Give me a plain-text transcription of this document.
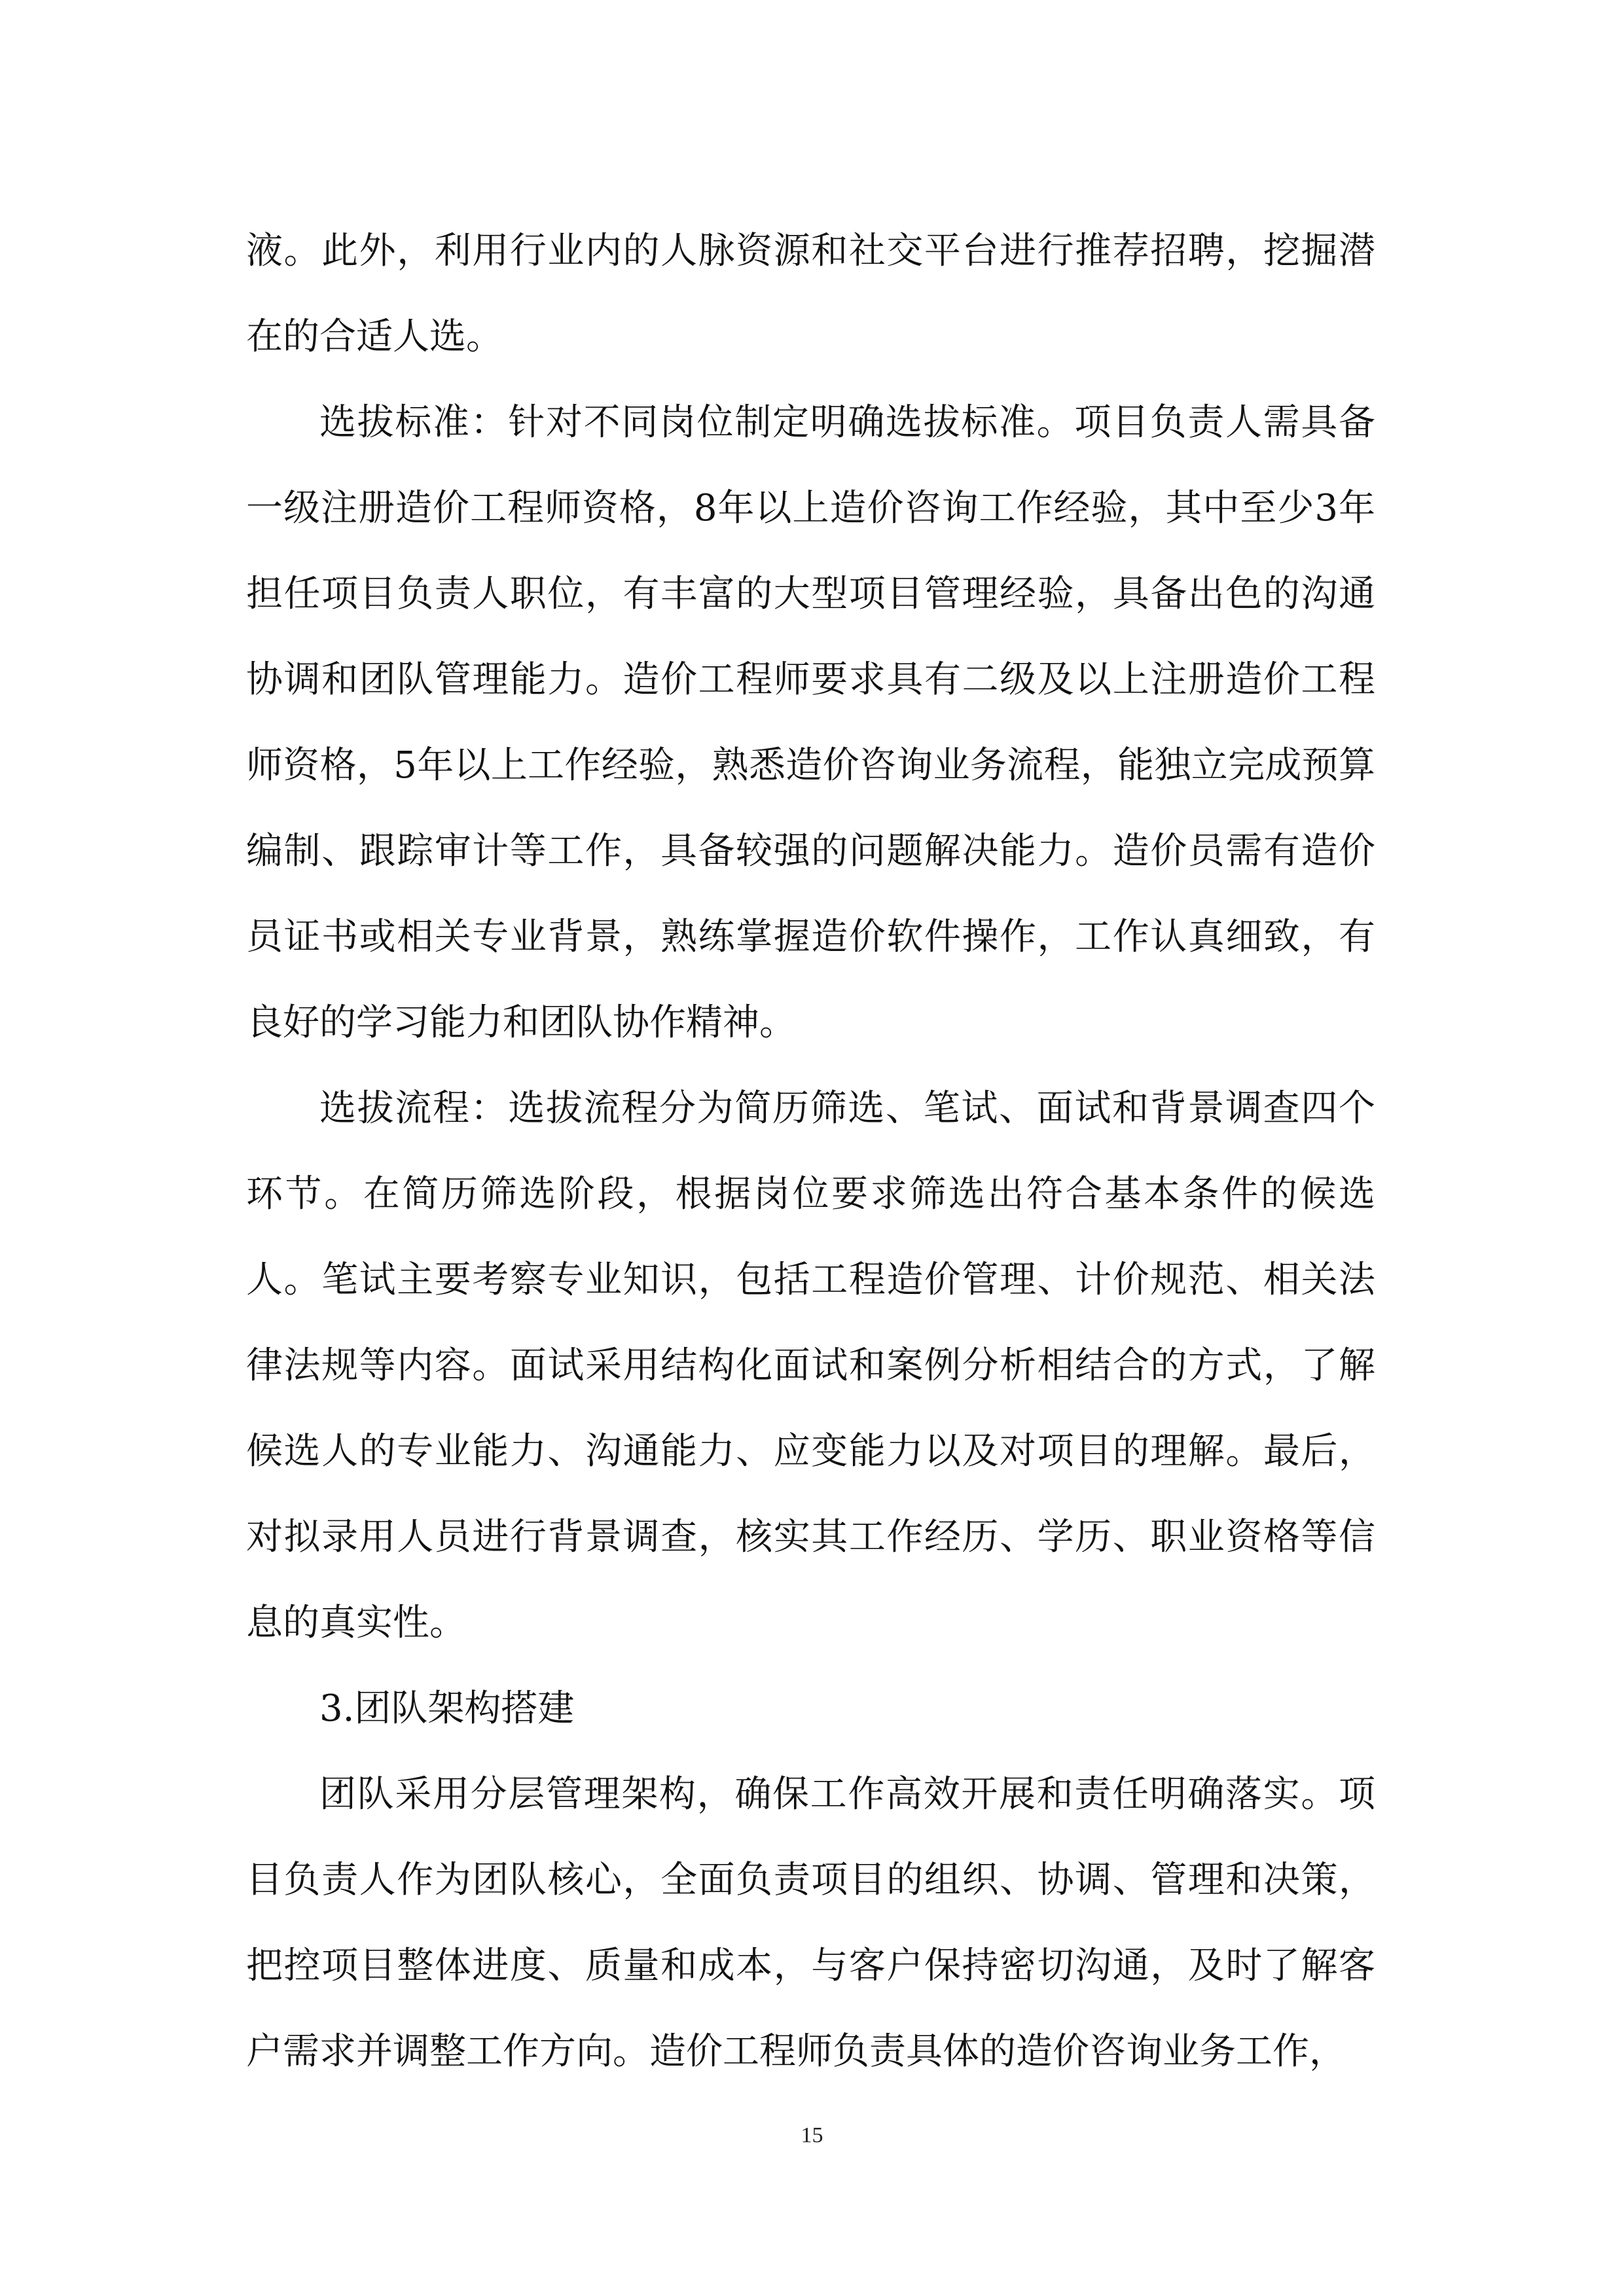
液。此外，利用行业内的人脉资源和社交平台进行推荐招聘，挖掘潜在的合适人选。

选拔标准：针对不同岗位制定明确选拔标准。项目负责人需具备一级注册造价工程师资格，8年以上造价咨询工作经验，其中至少3年担任项目负责人职位，有丰富的大型项目管理经验，具备出色的沟通协调和团队管理能力。造价工程师要求具有二级及以上注册造价工程师资格，5年以上工作经验，熟悉造价咨询业务流程，能独立完成预算编制、跟踪审计等工作，具备较强的问题解决能力。造价员需有造价员证书或相关专业背景，熟练掌握造价软件操作，工作认真细致，有良好的学习能力和团队协作精神。

选拔流程：选拔流程分为简历筛选、笔试、面试和背景调查四个环节。在简历筛选阶段，根据岗位要求筛选出符合基本条件的候选人。笔试主要考察专业知识，包括工程造价管理、计价规范、相关法律法规等内容。面试采用结构化面试和案例分析相结合的方式，了解候选人的专业能力、沟通能力、应变能力以及对项目的理解。最后，对拟录用人员进行背景调查，核实其工作经历、学历、职业资格等信息的真实性。

3.团队架构搭建

团队采用分层管理架构，确保工作高效开展和责任明确落实。项目负责人作为团队核心，全面负责项目的组织、协调、管理和决策，把控项目整体进度、质量和成本，与客户保持密切沟通，及时了解客户需求并调整工作方向。造价工程师负责具体的造价咨询业务工作，

15
